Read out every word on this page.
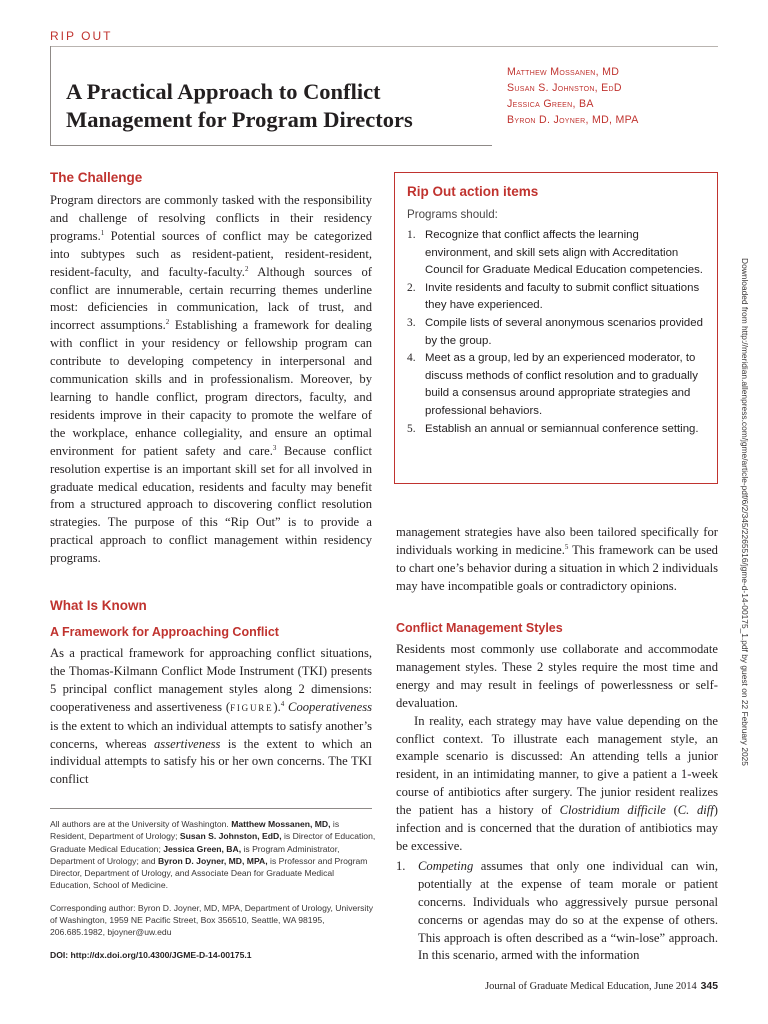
RIP OUT
A Practical Approach to Conflict Management for Program Directors
Matthew Mossanen, MD
Susan S. Johnston, EdD
Jessica Green, BA
Byron D. Joyner, MD, MPA
The Challenge

Program directors are commonly tasked with the responsibility and challenge of resolving conflicts in their residency programs.$^1$ Potential sources of conflict may be categorized into subtypes such as resident-patient, resident-resident, resident-faculty, and faculty-faculty.$^2$ Although sources of conflict are innumerable, certain recurring themes underline most: deficiencies in communication, lack of trust, and incorrect assumptions.$^2$ Establishing a framework for dealing with conflict in your residency or fellowship program can contribute to developing competency in interpersonal and communication skills and in professionalism. Moreover, by learning to handle conflict, program directors, faculty, and residents improve in their capacity to promote the welfare of the workplace, enhance collegiality, and ensure an optimal environment for patient safety and care.$^3$ Because conflict resolution expertise is an important skill set for all involved in graduate medical education, residents and faculty may benefit from a structured approach to discovering conflict resolution strategies. The purpose of this “Rip Out” is to provide a practical approach to conflict management within residency programs.

What Is Known
A Framework for Approaching Conflict

As a practical framework for approaching conflict situations, the Thomas-Kilmann Conflict Mode Instrument (TKI) presents 5 principal conflict management styles along 2 dimensions: cooperativeness and assertiveness (FIGURE).$^4$ Cooperativeness is the extent to which an individual attempts to satisfy another’s concerns, whereas assertiveness is the extent to which an individual attempts to satisfy his or her own concerns. The TKI conflict

All authors are at the University of Washington. Matthew Mossanen, MD, is Resident, Department of Urology; Susan S. Johnston, EdD, is Director of Education, Graduate Medical Education; Jessica Green, BA, is Program Administrator, Department of Urology; and Byron D. Joyner, MD, MPA, is Professor and Program Director, Department of Urology, and Associate Dean for Graduate Medical Education, School of Medicine.

Corresponding author: Byron D. Joyner, MD, MPA, Department of Urology, University of Washington, 1959 NE Pacific Street, Box 356510, Seattle, WA 98195, 206.685.1982, bjoyner@uw.edu

DOI: http://dx.doi.org/10.4300/JGME-D-14-00175.1

Rip Out action items
Programs should:
1. Recognize that conflict affects the learning environment, and skill sets align with Accreditation Council for Graduate Medical Education competencies.
2. Invite residents and faculty to submit conflict situations they have experienced.
3. Compile lists of several anonymous scenarios provided by the group.
4. Meet as a group, led by an experienced moderator, to discuss methods of conflict resolution and to gradually build a consensus around appropriate strategies and professional behaviors.
5. Establish an annual or semiannual conference setting.

management strategies have also been tailored specifically for individuals working in medicine.$^5$ This framework can be used to chart one’s behavior during a situation in which 2 individuals may have incompatible goals or contradictory opinions.

Conflict Management Styles

Residents most commonly use collaborate and accommodate management styles. These 2 styles require the most time and energy and may result in feelings of powerlessness or self-devaluation.

In reality, each strategy may have value depending on the conflict context. To illustrate each management style, an example scenario is discussed: An attending tells a junior resident, in an intimidating manner, to give a patient a 1-week course of antibiotics after surgery. The junior resident realizes the patient has a history of Clostridium difficile (C. diff) infection and is concerned that the duration of antibiotics may be excessive.

1. Competing assumes that only one individual can win, potentially at the expense of team morale or patient concerns. Individuals who aggressively pursue personal concerns or agendas may do so at the expense of others. This approach is often described as a “win-lose” approach. In this scenario, armed with the information
Journal of Graduate Medical Education, June 2014 345
Downloaded from http://meridian.allenpress.com/jgme/article-pdf/6/2/345/2265516/jgme-d-14-00175_1.pdf by guest on 22 February 2025
